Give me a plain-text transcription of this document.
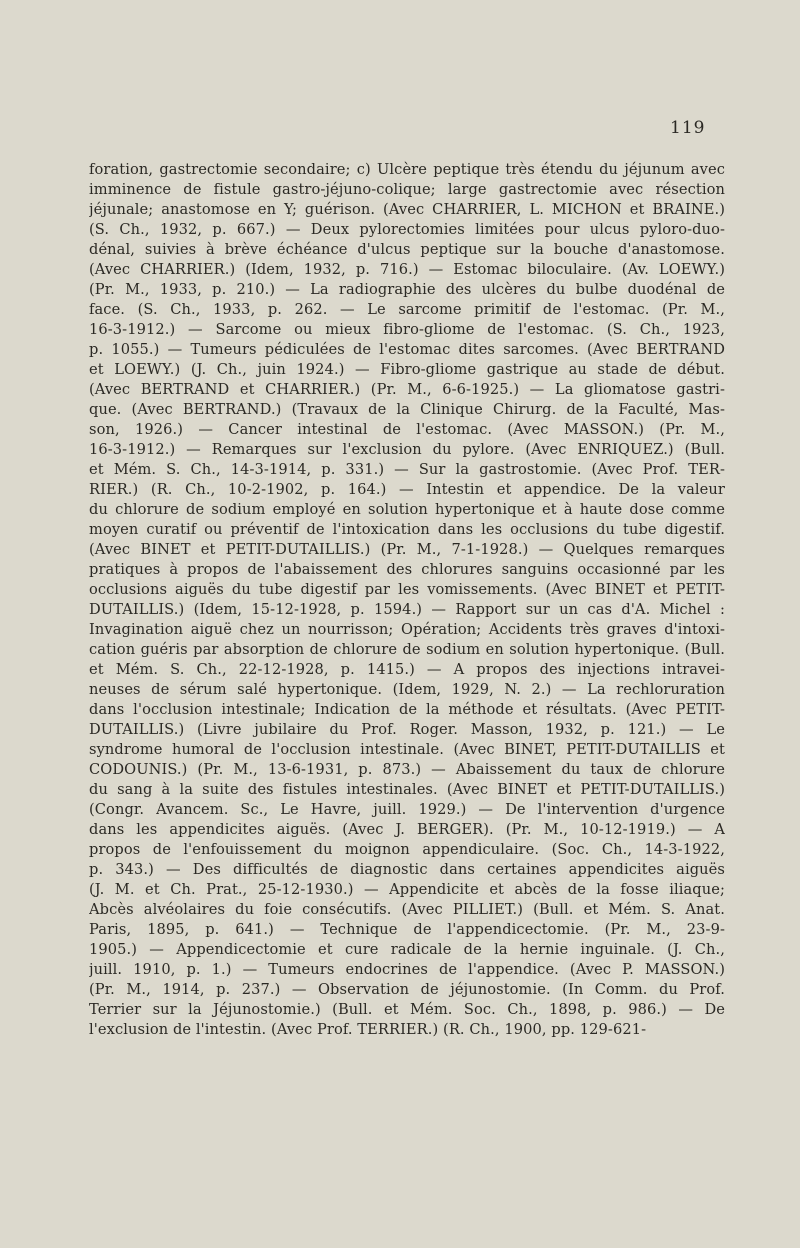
119
foration, gastrectomie secondaire; c) Ulcère peptique très étendu du jéjunum avec
imminence de fistule gastro-jéjuno-colique; large gastrectomie avec résection
jéjunale; anastomose en Y; guérison. (Avec CHARRIER, L. MICHON et BRAINE.)
(S. Ch., 1932, p. 667.) — Deux pylorectomies limitées pour ulcus pyloro-duo-
dénal, suivies à brève échéance d'ulcus peptique sur la bouche d'anastomose.
(Avec CHARRIER.) (Idem, 1932, p. 716.) — Estomac biloculaire. (Av. LOEWY.)
(Pr. M., 1933, p. 210.) — La radiographie des ulcères du bulbe duodénal de
face. (S. Ch., 1933, p. 262. — Le sarcome primitif de l'estomac. (Pr. M.,
16-3-1912.) — Sarcome ou mieux fibro-gliome de l'estomac. (S. Ch., 1923,
p. 1055.) — Tumeurs pédiculées de l'estomac dites sarcomes. (Avec BERTRAND
et LOEWY.) (J. Ch., juin 1924.) — Fibro-gliome gastrique au stade de début.
(Avec BERTRAND et CHARRIER.) (Pr. M., 6-6-1925.) — La gliomatose gastri-
que. (Avec BERTRAND.) (Travaux de la Clinique Chirurg. de la Faculté, Mas-
son, 1926.) — Cancer intestinal de l'estomac. (Avec MASSON.) (Pr. M.,
16-3-1912.) — Remarques sur l'exclusion du pylore. (Avec ENRIQUEZ.) (Bull.
et Mém. S. Ch., 14-3-1914, p. 331.) — Sur la gastrostomie. (Avec Prof. TER-
RIER.) (R. Ch., 10-2-1902, p. 164.) — Intestin et appendice. De la valeur
du chlorure de sodium employé en solution hypertonique et à haute dose comme
moyen curatif ou préventif de l'intoxication dans les occlusions du tube digestif.
(Avec BINET et PETIT-DUTAILLIS.) (Pr. M., 7-1-1928.) — Quelques remarques
pratiques à propos de l'abaissement des chlorures sanguins occasionné par les
occlusions aiguës du tube digestif par les vomissements. (Avec BINET et PETIT-
DUTAILLIS.) (Idem, 15-12-1928, p. 1594.) — Rapport sur un cas d'A. Michel :
Invagination aiguë chez un nourrisson; Opération; Accidents très graves d'intoxi-
cation guéris par absorption de chlorure de sodium en solution hypertonique. (Bull.
et Mém. S. Ch., 22-12-1928, p. 1415.) — A propos des injections intravei-
neuses de sérum salé hypertonique. (Idem, 1929, N. 2.) — La rechloruration
dans l'occlusion intestinale; Indication de la méthode et résultats. (Avec PETIT-
DUTAILLIS.) (Livre jubilaire du Prof. Roger. Masson, 1932, p. 121.) — Le
syndrome humoral de l'occlusion intestinale. (Avec BINET, PETIT-DUTAILLIS et
CODOUNIS.) (Pr. M., 13-6-1931, p. 873.) — Abaissement du taux de chlorure
du sang à la suite des fistules intestinales. (Avec BINET et PETIT-DUTAILLIS.)
(Congr. Avancem. Sc., Le Havre, juill. 1929.) — De l'intervention d'urgence
dans les appendicites aiguës. (Avec J. BERGER). (Pr. M., 10-12-1919.) — A
propos de l'enfouissement du moignon appendiculaire. (Soc. Ch., 14-3-1922,
p. 343.) — Des difficultés de diagnostic dans certaines appendicites aiguës
(J. M. et Ch. Prat., 25-12-1930.) — Appendicite et abcès de la fosse iliaque;
Abcès alvéolaires du foie consécutifs. (Avec PILLIET.) (Bull. et Mém. S. Anat.
Paris, 1895, p. 641.) — Technique de l'appendicectomie. (Pr. M., 23-9-
1905.) — Appendicectomie et cure radicale de la hernie inguinale. (J. Ch.,
juill. 1910, p. 1.) — Tumeurs endocrines de l'appendice. (Avec P. MASSON.)
(Pr. M., 1914, p. 237.) — Observation de jéjunostomie. (In Comm. du Prof.
Terrier sur la Jéjunostomie.) (Bull. et Mém. Soc. Ch., 1898, p. 986.) — De
l'exclusion de l'intestin. (Avec Prof. TERRIER.) (R. Ch., 1900, pp. 129-621-
